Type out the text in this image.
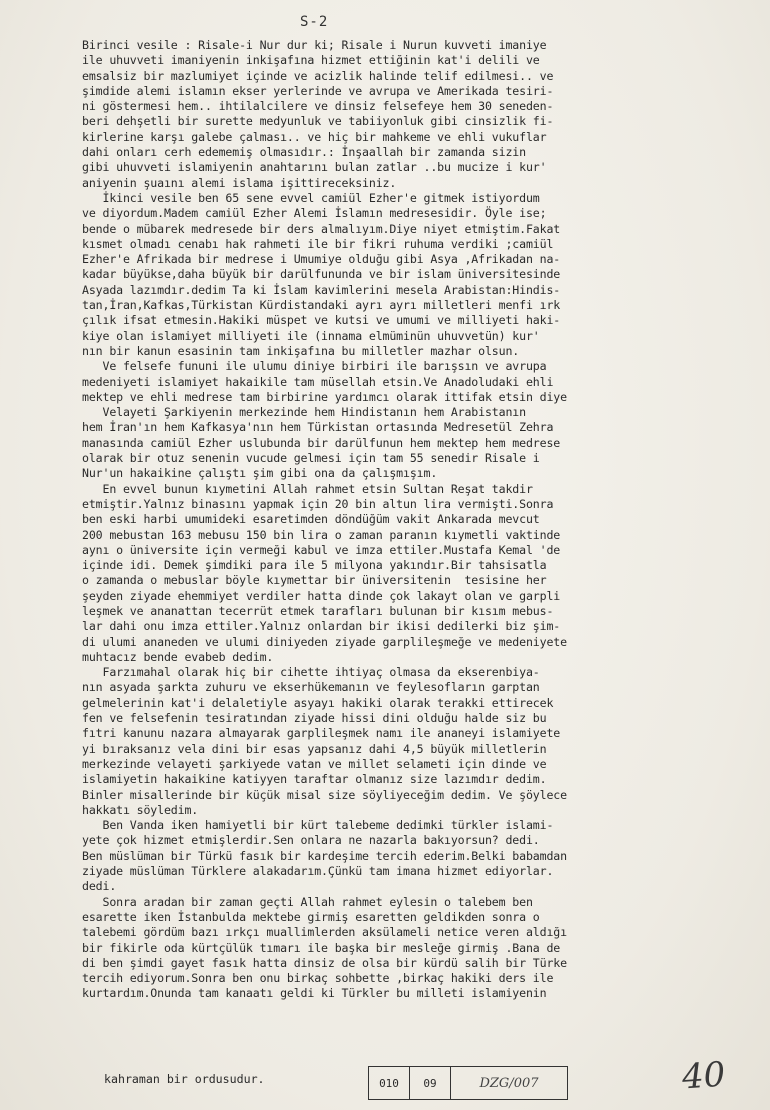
S-2
Birinci vesile : Risale-i Nur dur ki; Risale i Nurun kuvveti imaniye
ile uhuvveti imaniyenin inkişafına hizmet ettiğinin kat'i delili ve
emsalsiz bir mazlumiyet içinde ve acizlik halinde telif edilmesi.. ve
şimdide alemi islamın ekser yerlerinde ve avrupa ve Amerikada tesiri-
ni göstermesi hem.. ihtilalcilere ve dinsiz felsefeye hem 30 seneden-
beri dehşetli bir surette medyunluk ve tabiiyonluk gibi cinsizlik fi-
kirlerine karşı galebe çalması.. ve hiç bir mahkeme ve ehli vukuflar
dahi onları cerh edememiş olmasıdır.: İnşaallah bir zamanda sizin
gibi uhuvveti islamiyenin anahtarını bulan zatlar ..bu mucize i kur'
aniyenin şuaını alemi islama işittireceksiniz.
İkinci vesile ben 65 sene evvel camiül Ezher'e gitmek istiyordum
ve diyordum.Madem camiül Ezher Alemi İslamın medresesidir. Öyle ise;
bende o mübarek medresede bir ders almalıyım.Diye niyet etmiştim.Fakat
kısmet olmadı cenabı hak rahmeti ile bir fikri ruhuma verdiki ;camiül
Ezher'e Afrikada bir medrese i Umumiye olduğu gibi Asya ,Afrikadan na-
kadar büyükse,daha büyük bir darülfununda ve bir islam üniversitesinde
Asyada lazımdır.dedim Ta ki İslam kavimlerini mesela Arabistan:Hindis-
tan,İran,Kafkas,Türkistan Kürdistandaki ayrı ayrı milletleri menfi ırk
çılık ifsat etmesin.Hakiki müspet ve kutsi ve umumi ve milliyeti haki-
kiye olan islamiyet milliyeti ile (innama elmüminün uhuvvetün) kur'
nın bir kanun esasinin tam inkişafına bu milletler mazhar olsun.
Ve felsefe fununi ile ulumu diniye birbiri ile barışsın ve avrupa
medeniyeti islamiyet hakaikile tam müsellah etsin.Ve Anadoludaki ehli
mektep ve ehli medrese tam birbirine yardımcı olarak ittifak etsin diye
Velayeti Şarkiyenin merkezinde hem Hindistanın hem Arabistanın
hem İran'ın hem Kafkasya'nın hem Türkistan ortasında Medresetül Zehra
manasında camiül Ezher uslubunda bir darülfunun hem mektep hem medrese
olarak bir otuz senenin vucude gelmesi için tam 55 senedir Risale i
Nur'un hakaikine çalıştı şim gibi ona da çalışmışım.
En evvel bunun kıymetini Allah rahmet etsin Sultan Reşat takdir
etmiştir.Yalnız binasını yapmak için 20 bin altun lira vermişti.Sonra
ben eski harbi umumideki esaretimden döndüğüm vakit Ankarada mevcut
200 mebustan 163 mebusu 150 bin lira o zaman paranın kıymetli vaktinde
aynı o üniversite için vermeği kabul ve imza ettiler.Mustafa Kemal 'de
içinde idi. Demek şimdiki para ile 5 milyona yakındır.Bir tahsisatla
o zamanda o mebuslar böyle kıymettar bir üniversitenin  tesisine her
şeyden ziyade ehemmiyet verdiler hatta dinde çok lakayt olan ve garpli
leşmek ve ananattan tecerrüt etmek tarafları bulunan bir kısım mebus-
lar dahi onu imza ettiler.Yalnız onlardan bir ikisi dedilerki biz şim-
di ulumi ananeden ve ulumi diniyeden ziyade garplileşmeğe ve medeniyete
muhtacız bende evabeb dedim.
Farzımahal olarak hiç bir cihette ihtiyaç olmasa da ekserenbiya-
nın asyada şarkta zuhuru ve ekserhükemanın ve feylesofların garptan
gelmelerinin kat'i delaletiyle asyayı hakiki olarak terakki ettirecek
fen ve felsefenin tesiratından ziyade hissi dini olduğu halde siz bu
fıtri kanunu nazara almayarak garplileşmek namı ile ananeyi islamiyete
yi bıraksanız vela dini bir esas yapsanız dahi 4,5 büyük milletlerin
merkezinde velayeti şarkiyede vatan ve millet selameti için dinde ve
islamiyetin hakaikine katiyyen taraftar olmanız size lazımdır dedim.
Binler misallerinde bir küçük misal size söyliyeceğim dedim. Ve şöylece
hakkatı söyledim.
Ben Vanda iken hamiyetli bir kürt talebeme dedimki türkler islami-
yete çok hizmet etmişlerdir.Sen onlara ne nazarla bakıyorsun? dedi.
Ben müslüman bir Türkü fasık bir kardeşime tercih ederim.Belki babamdan
ziyade müslüman Türklere alakadarım.Çünkü tam imana hizmet ediyorlar.
dedi.
Sonra aradan bir zaman geçti Allah rahmet eylesin o talebem ben
esarette iken İstanbulda mektebe girmiş esaretten geldikden sonra o
talebemi gördüm bazı ırkçı muallimlerden aksülameli netice veren aldığı
bir fikirle oda kürtçülük tımarı ile başka bir mesleğe girmiş .Bana de
di ben şimdi gayet fasık hatta dinsiz de olsa bir kürdü salih bir Türke
tercih ediyorum.Sonra ben onu birkaç sohbette ,birkaç hakiki ders ile
kurtardım.Onunda tam kanaatı geldi ki Türkler bu milleti islamiyenin
kahraman bir ordusudur.	010	09	DZG/007	40
